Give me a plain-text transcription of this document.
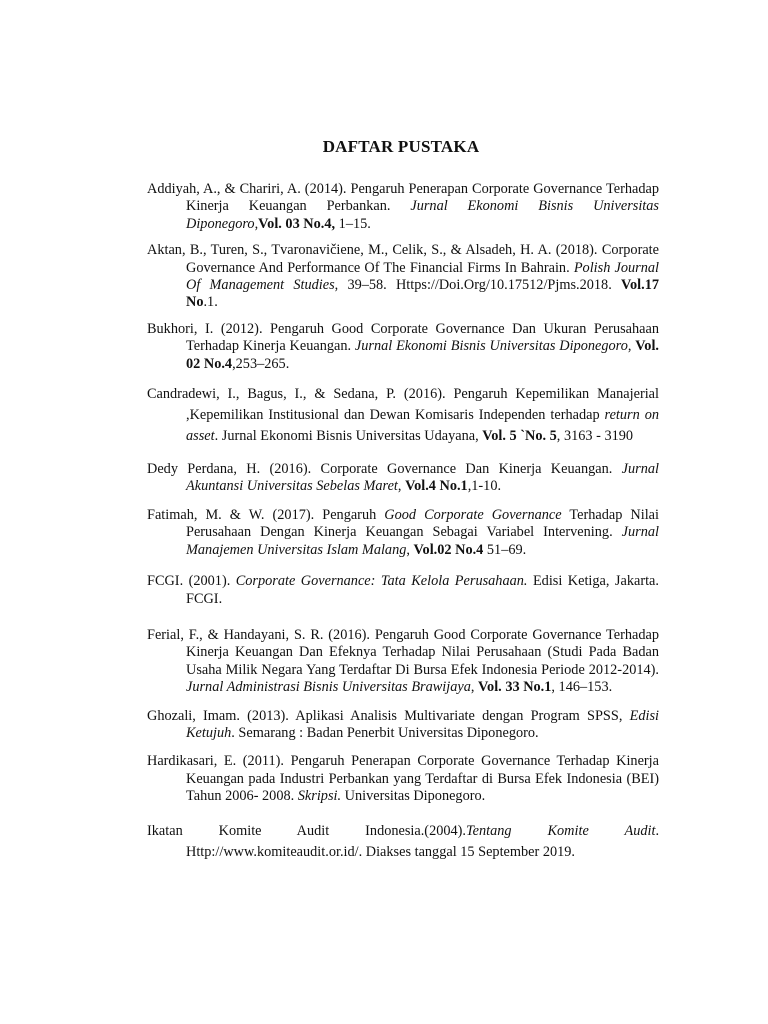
DAFTAR PUSTAKA

Addiyah, A., & Chariri, A. (2014). Pengaruh Penerapan Corporate Governance Terhadap Kinerja Keuangan Perbankan. Jurnal Ekonomi Bisnis Universitas Diponegoro,Vol. 03 No.4, 1–15.

Aktan, B., Turen, S., Tvaronavičiene, M., Celik, S., & Alsadeh, H. A. (2018). Corporate Governance And Performance Of The Financial Firms In Bahrain. Polish Journal Of Management Studies, 39–58. Https://Doi.Org/10.17512/Pjms.2018. Vol.17 No.1.

Bukhori, I. (2012). Pengaruh Good Corporate Governance Dan Ukuran Perusahaan Terhadap Kinerja Keuangan. Jurnal Ekonomi Bisnis Universitas Diponegoro, Vol. 02 No.4,253–265.

Candradewi, I., Bagus, I., & Sedana, P. (2016). Pengaruh Kepemilikan Manajerial ,Kepemilikan Institusional dan Dewan Komisaris Independen terhadap return on asset. Jurnal Ekonomi Bisnis Universitas Udayana, Vol. 5 `No. 5, 3163 - 3190

Dedy Perdana, H. (2016). Corporate Governance Dan Kinerja Keuangan. Jurnal Akuntansi Universitas Sebelas Maret, Vol.4 No.1,1-10.

Fatimah, M. & W. (2017). Pengaruh Good Corporate Governance Terhadap Nilai Perusahaan Dengan Kinerja Keuangan Sebagai Variabel Intervening. Jurnal Manajemen Universitas Islam Malang, Vol.02 No.4 51–69.

FCGI. (2001). Corporate Governance: Tata Kelola Perusahaan. Edisi Ketiga, Jakarta. FCGI.

Ferial, F., & Handayani, S. R. (2016). Pengaruh Good Corporate Governance Terhadap Kinerja Keuangan Dan Efeknya Terhadap Nilai Perusahaan (Studi Pada Badan Usaha Milik Negara Yang Terdaftar Di Bursa Efek Indonesia Periode 2012-2014). Jurnal Administrasi Bisnis Universitas Brawijaya, Vol. 33 No.1, 146–153.

Ghozali, Imam. (2013). Aplikasi Analisis Multivariate dengan Program SPSS, Edisi Ketujuh. Semarang : Badan Penerbit Universitas Diponegoro.

Hardikasari, E. (2011). Pengaruh Penerapan Corporate Governance Terhadap Kinerja Keuangan pada Industri Perbankan yang Terdaftar di Bursa Efek Indonesia (BEI) Tahun 2006- 2008. Skripsi. Universitas Diponegoro.

Ikatan Komite Audit Indonesia.(2004).Tentang Komite Audit. Http://www.komiteaudit.or.id/. Diakses tanggal 15 September 2019.
